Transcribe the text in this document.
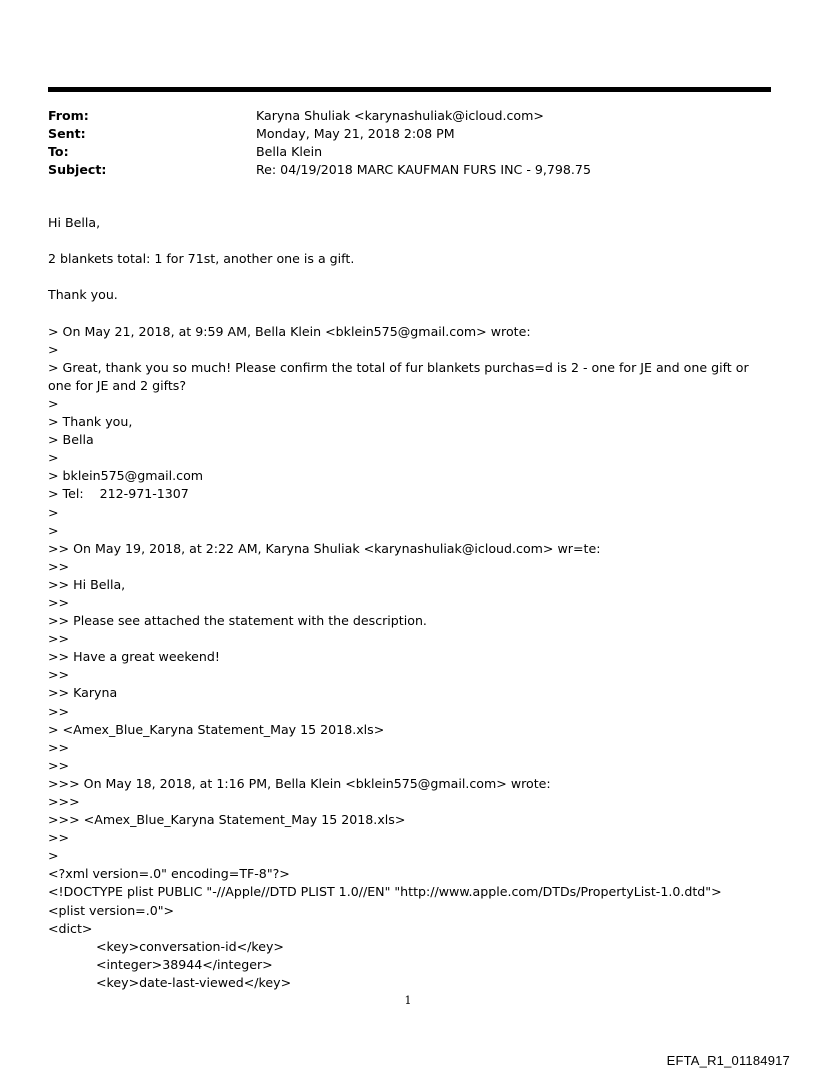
From:	Karyna Shuliak <karynashuliak@icloud.com>
Sent:	Monday, May 21, 2018 2:08 PM
To:	Bella Klein
Subject:	Re: 04/19/2018 MARC KAUFMAN FURS INC - 9,798.75
Hi Bella,
2 blankets total: 1 for 71st, another one is a gift.
Thank you.
> On May 21, 2018, at 9:59 AM, Bella Klein <bklein575@gmail.com> wrote:
>
> Great, thank you so much! Please confirm the total of fur blankets purchas=d is 2 - one for JE and one gift or one for JE and 2 gifts?
>
> Thank you,
> Bella
>
> bklein575@gmail.com
> Tel:    212-971-1307
>
>
>> On May 19, 2018, at 2:22 AM, Karyna Shuliak <karynashuliak@icloud.com> wr=te:
>>
>> Hi Bella,
>>
>> Please see attached the statement with the description.
>>
>> Have a great weekend!
>>
>> Karyna
>>
> <Amex_Blue_Karyna Statement_May 15 2018.xls>
>>
>>
>>> On May 18, 2018, at 1:16 PM, Bella Klein <bklein575@gmail.com> wrote:
>>>
>>> <Amex_Blue_Karyna Statement_May 15 2018.xls>
>>
>
<?xml version=.0" encoding=TF-8"?>
<!DOCTYPE plist PUBLIC "-//Apple//DTD PLIST 1.0//EN" "http://www.apple.com/DTDs/PropertyList-1.0.dtd">
<plist version=.0">
<dict>
<key>conversation-id</key>
<integer>38944</integer>
<key>date-last-viewed</key>
1
EFTA_R1_01184917
